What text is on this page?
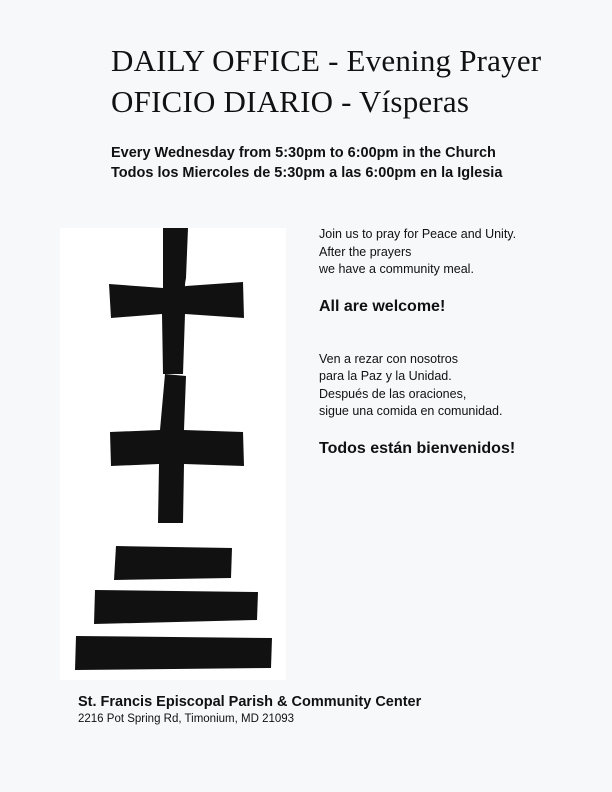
DAILY OFFICE - Evening Prayer
OFICIO DIARIO - Vísperas
Every Wednesday from 5:30pm to 6:00pm in the Church
Todos los Miercoles de 5:30pm a las 6:00pm en la Iglesia
Join us to pray for Peace and Unity.
After the prayers
we have a community meal.
All are welcome!
Ven a rezar con nosotros
para la Paz y la Unidad.
Después de las oraciones,
sigue una comida en comunidad.
Todos están bienvenidos!
St. Francis Episcopal Parish & Community Center
2216 Pot Spring Rd, Timonium, MD 21093
